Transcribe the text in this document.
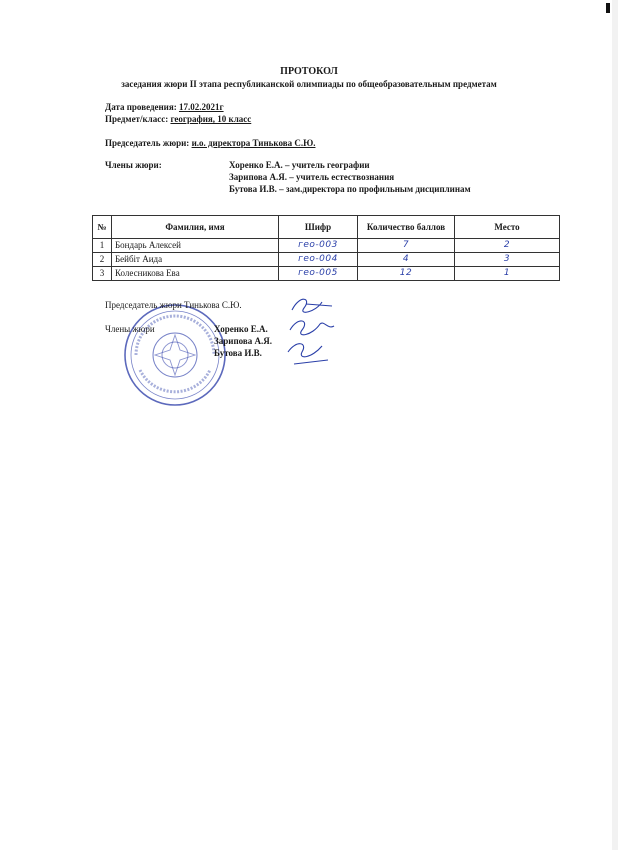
ПРОТОКОЛ
заседания жюри II этапа республиканской олимпиады по общеобразовательным предметам
Дата проведения: 17.02.2021г
Предмет/класс: география, 10 класс
Председатель жюри: и.о. директора Тинькова С.Ю.
Члены жюри:	Хоренко Е.А. – учитель географии
Зарипова А.Я. – учитель естествознания
Бутова И.В. – зам.директора по профильным дисциплинам
№	Фамилия, имя	Шифр	Количество баллов	Место
1	Бондарь Алексей	гео-003	7	2
2	Бейбіт Аида	гео-004	4	3
3	Колесникова Ева	гео-005	12	1
Председатель жюри Тинькова С.Ю.
Члены жюри	Хоренко Е.А.
Зарипова А.Я.
Бутова И.В.
